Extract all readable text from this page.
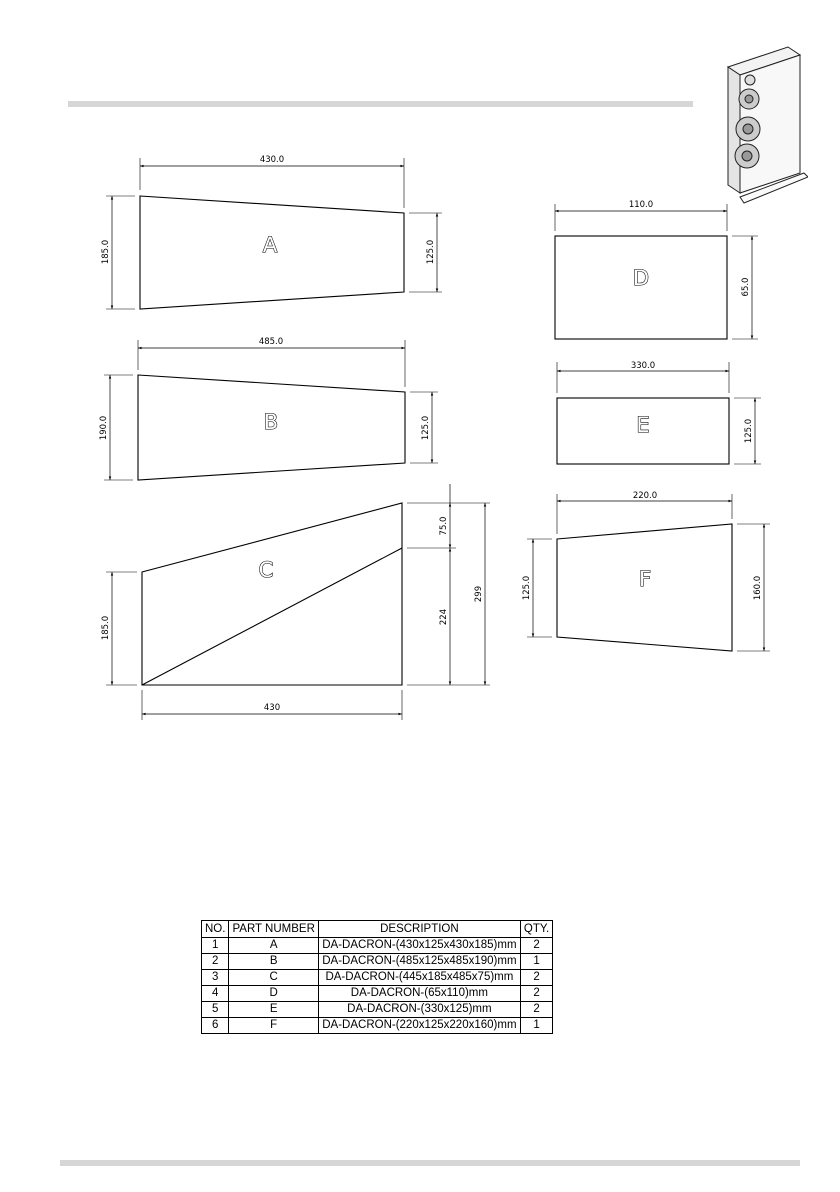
430.0
185.0	125.0
A
485.0
190.0	125.0
B
75.0
224
299
185.0
430
C
110.0
65.0
D
330.0
125.0
E
220.0
125.0	160.0
F
NO.	PART NUMBER	DESCRIPTION	QTY.
1	A	DA-DACRON-(430x125x430x185)mm	2
2	B	DA-DACRON-(485x125x485x190)mm	1
3	C	DA-DACRON-(445x185x485x75)mm	2
4	D	DA-DACRON-(65x110)mm	2
5	E	DA-DACRON-(330x125)mm	2
6	F	DA-DACRON-(220x125x220x160)mm	1
